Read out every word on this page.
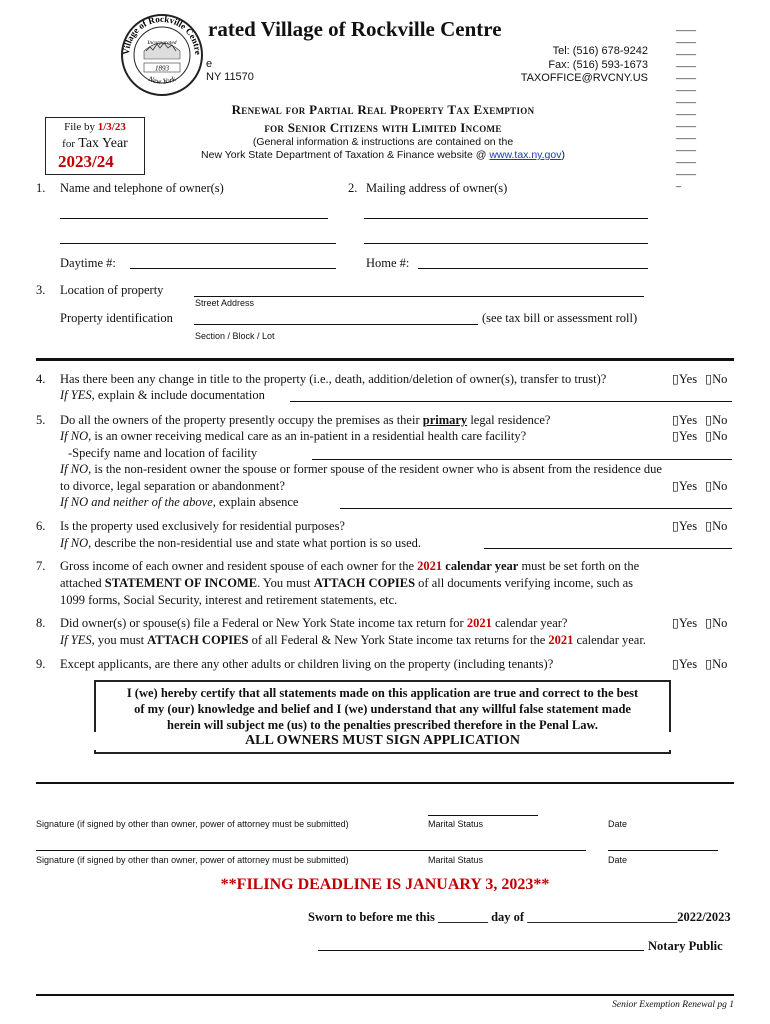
Incorporated
1893
Village of Rockville Centre
New York
rated Village of Rockville Centre
e
NY 11570
Tel: (516) 678-9242
Fax: (516) 593-1673
TAXOFFICE@RVCNY.US
____
____
____
____
____
____
____
____
____
____
____
____
____
_
File by 1/3/23
for Tax Year
2023/24
Renewal for Partial Real Property Tax Exemption
for Senior Citizens with Limited Income
(General information & instructions are contained on the
New York State Department of Taxation & Finance website @ www.tax.ny.gov)
1. Name and telephone of owner(s)	2. Mailing address of owner(s)
Daytime #:	Home #:
3. Location of property
Street Address
Property identification	(see tax bill or assessment roll)
Section / Block / Lot
4. Has there been any change in title to the property (i.e., death, addition/deletion of owner(s), transfer to trust)?	▯Yes ▯No
If YES, explain & include documentation
5. Do all the owners of the property presently occupy the premises as their primary legal residence?	▯Yes ▯No
If NO, is an owner receiving medical care as an in-patient in a residential health care facility?	▯Yes ▯No
-Specify name and location of facility
If NO, is the non-resident owner the spouse or former spouse of the resident owner who is absent from the residence due
to divorce, legal separation or abandonment?	▯Yes ▯No
If NO and neither of the above, explain absence
6. Is the property used exclusively for residential purposes?	▯Yes ▯No
If NO, describe the non-residential use and state what portion is so used.
7. Gross income of each owner and resident spouse of each owner for the 2021 calendar year must be set forth on the
attached STATEMENT OF INCOME. You must ATTACH COPIES of all documents verifying income, such as
1099 forms, Social Security, interest and retirement statements, etc.
8. Did owner(s) or spouse(s) file a Federal or New York State income tax return for 2021 calendar year?	▯Yes ▯No
If YES, you must ATTACH COPIES of all Federal & New York State income tax returns for the 2021 calendar year.
9. Except applicants, are there any other adults or children living on the property (including tenants)?	▯Yes ▯No
I (we) hereby certify that all statements made on this application are true and correct to the best
of my (our) knowledge and belief and I (we) understand that any willful false statement made
herein will subject me (us) to the penalties prescribed therefore in the Penal Law.
ALL OWNERS MUST SIGN APPLICATION
Signature (if signed by other than owner, power of attorney must be submitted)	Marital Status	Date
Signature (if signed by other than owner, power of attorney must be submitted)	Marital Status	Date
**FILING DEADLINE IS JANUARY 3, 2023**
Sworn to before me this ________ day of ________________________2022/2023
Notary Public
Senior Exemption Renewal pg 1
